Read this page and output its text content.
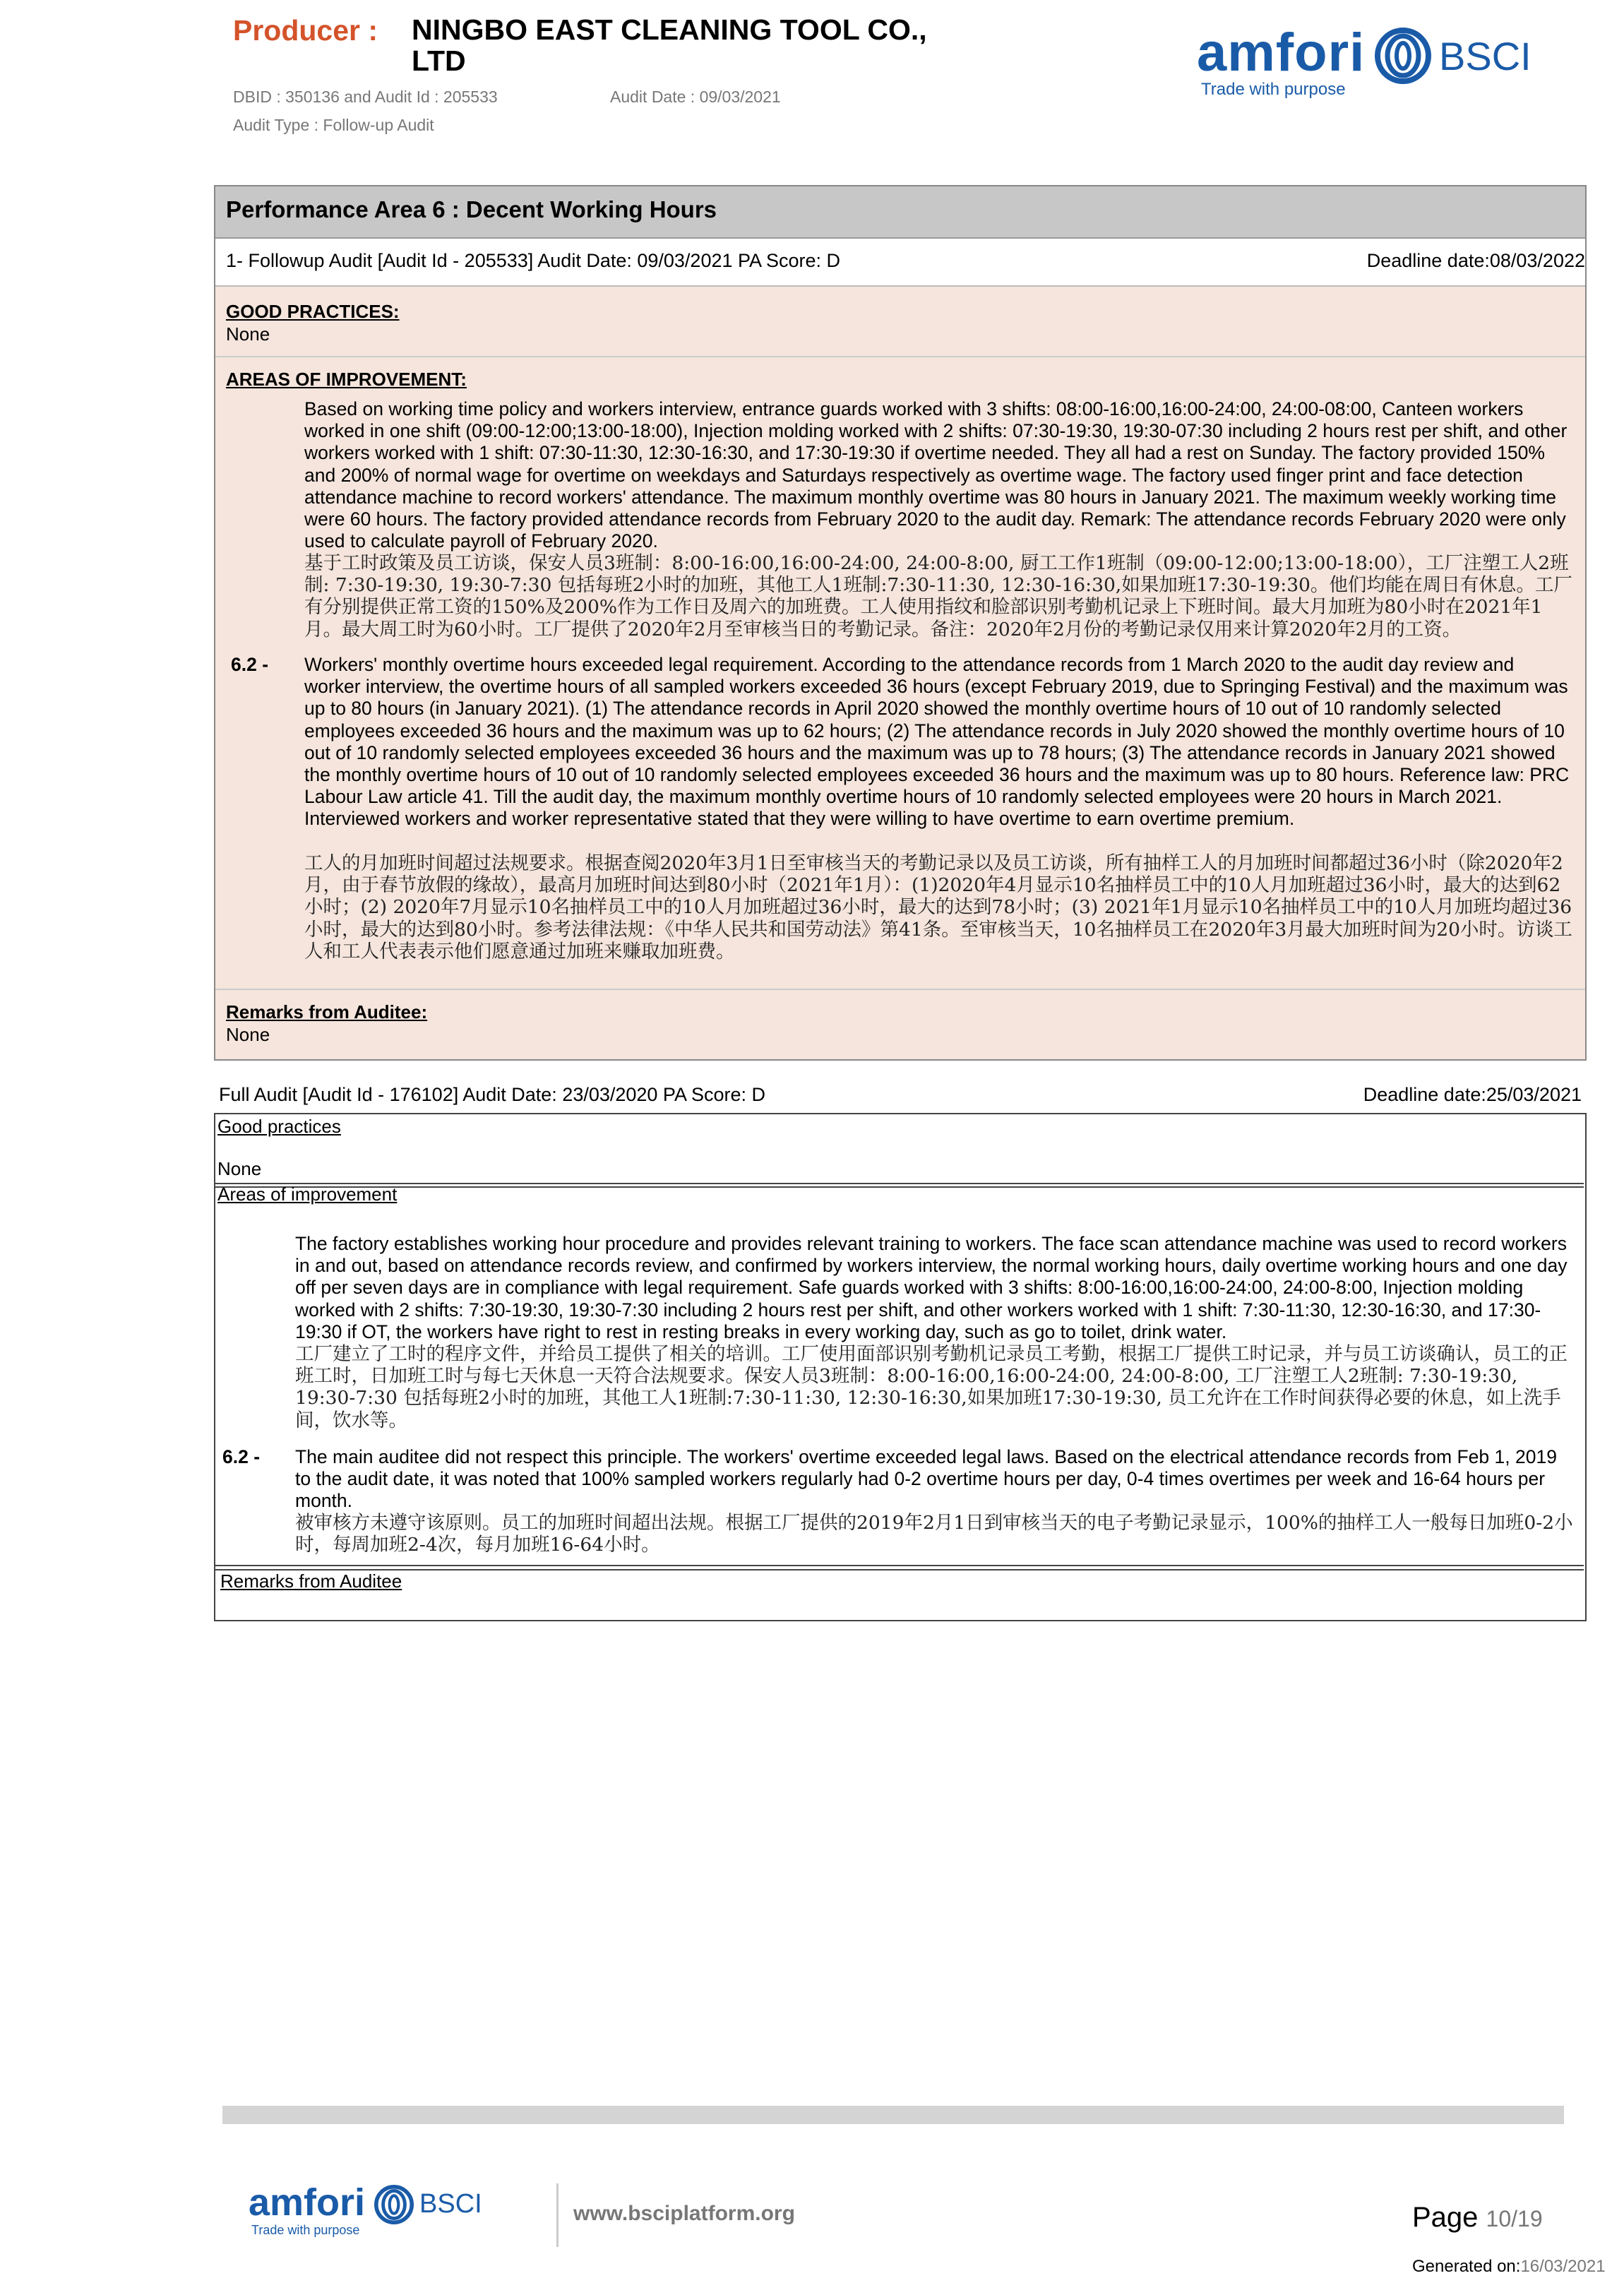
Producer : NINGBO EAST CLEANING TOOL CO., LTD
DBID : 350136 and Audit Id : 205533	Audit Date : 09/03/2021
Audit Type : Follow-up Audit
amfori BSCI
Trade with purpose
Performance Area 6 : Decent Working Hours
1- Followup Audit [Audit Id - 205533] Audit Date: 09/03/2021 PA Score: D	Deadline date:08/03/2022
GOOD PRACTICES:
None
AREAS OF IMPROVEMENT:
Based on working time policy and workers interview, entrance guards worked with 3 shifts: 08:00-16:00,16:00-24:00, 24:00-08:00, Canteen workers worked in one shift (09:00-12:00;13:00-18:00), Injection molding worked with 2 shifts: 07:30-19:30, 19:30-07:30 including 2 hours rest per shift, and other workers worked with 1 shift: 07:30-11:30, 12:30-16:30, and 17:30-19:30 if overtime needed. They all had a rest on Sunday. The factory provided 150% and 200% of normal wage for overtime on weekdays and Saturdays respectively as overtime wage. The factory used finger print and face detection attendance machine to record workers' attendance. The maximum monthly overtime was 80 hours in January 2021. The maximum weekly working time were 60 hours. The factory provided attendance records from February 2020 to the audit day. Remark: The attendance records February 2020 were only used to calculate payroll of February 2020.
基于工时政策及员工访谈，保安人员3班制：8:00-16:00,16:00-24:00, 24:00-8:00, 厨工工作1班制（09:00-12:00;13:00-18:00），工厂注塑工人2班制: 7:30-19:30, 19:30-7:30 包括每班2小时的加班，其他工人1班制:7:30-11:30, 12:30-16:30,如果加班17:30-19:30。他们均能在周日有休息。工厂有分别提供正常工资的150%及200%作为工作日及周六的加班费。工人使用指纹和脸部识别考勤机记录上下班时间。最大月加班为80小时在2021年1月。最大周工时为60小时。工厂提供了2020年2月至审核当日的考勤记录。备注：2020年2月份的考勤记录仅用来计算2020年2月的工资。
6.2 - Workers' monthly overtime hours exceeded legal requirement. According to the attendance records from 1 March 2020 to the audit day review and worker interview, the overtime hours of all sampled workers exceeded 36 hours (except February 2019, due to Springing Festival) and the maximum was up to 80 hours (in January 2021). (1) The attendance records in April 2020 showed the monthly overtime hours of 10 out of 10 randomly selected employees exceeded 36 hours and the maximum was up to 62 hours; (2) The attendance records in July 2020 showed the monthly overtime hours of 10 out of 10 randomly selected employees exceeded 36 hours and the maximum was up to 78 hours; (3) The attendance records in January 2021 showed the monthly overtime hours of 10 out of 10 randomly selected employees exceeded 36 hours and the maximum was up to 80 hours. Reference law: PRC Labour Law article 41. Till the audit day, the maximum monthly overtime hours of 10 randomly selected employees were 20 hours in March 2021. Interviewed workers and worker representative stated that they were willing to have overtime to earn overtime premium.
工人的月加班时间超过法规要求。根据查阅2020年3月1日至审核当天的考勤记录以及员工访谈，所有抽样工人的月加班时间都超过36小时（除2020年2月，由于春节放假的缘故），最高月加班时间达到80小时（2021年1月）：(1)2020年4月显示10名抽样员工中的10人月加班超过36小时，最大的达到62小时；(2) 2020年7月显示10名抽样员工中的10人月加班超过36小时，最大的达到78小时；(3) 2021年1月显示10名抽样员工中的10人月加班均超过36小时，最大的达到80小时。参考法律法规：《中华人民共和国劳动法》第41条。至审核当天，10名抽样员工在2020年3月最大加班时间为20小时。访谈工人和工人代表表示他们愿意通过加班来赚取加班费。
Remarks from Auditee:
None
Full Audit [Audit Id - 176102] Audit Date: 23/03/2020 PA Score: D	Deadline date:25/03/2021
Good practices
None
Areas of improvement
The factory establishes working hour procedure and provides relevant training to workers. The face scan attendance machine was used to record workers in and out, based on attendance records review, and confirmed by workers interview, the normal working hours, daily overtime working hours and one day off per seven days are in compliance with legal requirement. Safe guards worked with 3 shifts: 8:00-16:00,16:00-24:00, 24:00-8:00, Injection molding worked with 2 shifts: 7:30-19:30, 19:30-7:30 including 2 hours rest per shift, and other workers worked with 1 shift: 7:30-11:30, 12:30-16:30, and 17:30-19:30 if OT, the workers have right to rest in resting breaks in every working day, such as go to toilet, drink water.
工厂建立了工时的程序文件，并给员工提供了相关的培训。工厂使用面部识别考勤机记录员工考勤，根据工厂提供工时记录，并与员工访谈确认，员工的正班工时，日加班工时与每七天休息一天符合法规要求。保安人员3班制：8:00-16:00,16:00-24:00, 24:00-8:00, 工厂注塑工人2班制: 7:30-19:30, 19:30-7:30 包括每班2小时的加班，其他工人1班制:7:30-11:30, 12:30-16:30,如果加班17:30-19:30, 员工允许在工作时间获得必要的休息，如上洗手间，饮水等。
6.2 - The main auditee did not respect this principle. The workers' overtime exceeded legal laws. Based on the electrical attendance records from Feb 1, 2019 to the audit date, it was noted that 100% sampled workers regularly had 0-2 overtime hours per day, 0-4 times overtimes per week and 16-64 hours per month.
被审核方未遵守该原则。员工的加班时间超出法规。根据工厂提供的2019年2月1日到审核当天的电子考勤记录显示，100%的抽样工人一般每日加班0-2小时，每周加班2-4次，每月加班16-64小时。
Remarks from Auditee
amfori BSCI
Trade with purpose
www.bsciplatform.org	Page 10/19
Generated on:16/03/2021
